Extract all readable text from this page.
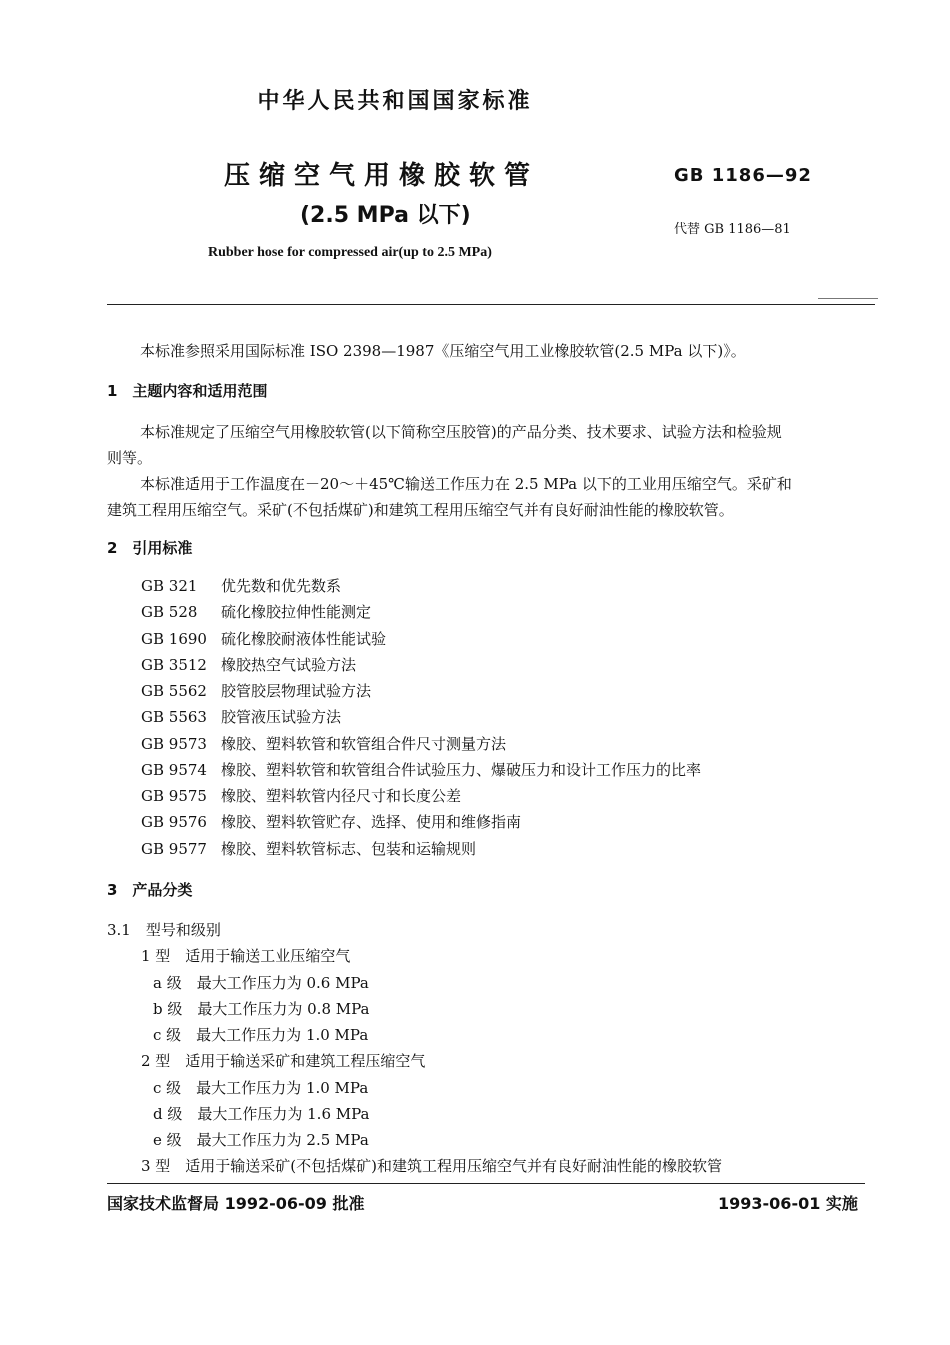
中华人民共和国国家标准
压缩空气用橡胶软管
(2.5 MPa 以下)
GB 1186—92
代替 GB 1186—81
Rubber hose for compressed air(up to 2.5 MPa)
本标准参照采用国际标准 ISO 2398—1987《压缩空气用工业橡胶软管(2.5 MPa 以下)》。
1　主题内容和适用范围
本标准规定了压缩空气用橡胶软管(以下简称空压胶管)的产品分类、技术要求、试验方法和检验规
则等。
本标准适用于工作温度在－20～＋45℃输送工作压力在 2.5 MPa 以下的工业用压缩空气。采矿和
建筑工程用压缩空气。采矿(不包括煤矿)和建筑工程用压缩空气并有良好耐油性能的橡胶软管。
2　引用标准
GB 321 优先数和优先数系
GB 528 硫化橡胶拉伸性能测定
GB 1690 硫化橡胶耐液体性能试验
GB 3512 橡胶热空气试验方法
GB 5562 胶管胶层物理试验方法
GB 5563 胶管液压试验方法
GB 9573 橡胶、塑料软管和软管组合件尺寸测量方法
GB 9574 橡胶、塑料软管和软管组合件试验压力、爆破压力和设计工作压力的比率
GB 9575 橡胶、塑料软管内径尺寸和长度公差
GB 9576 橡胶、塑料软管贮存、选择、使用和维修指南
GB 9577 橡胶、塑料软管标志、包装和运输规则
3　产品分类
3.1　型号和级别
1 型　适用于输送工业压缩空气
a 级　最大工作压力为 0.6 MPa
b 级　最大工作压力为 0.8 MPa
c 级　最大工作压力为 1.0 MPa
2 型　适用于输送采矿和建筑工程压缩空气
c 级　最大工作压力为 1.0 MPa
d 级　最大工作压力为 1.6 MPa
e 级　最大工作压力为 2.5 MPa
3 型　适用于输送采矿(不包括煤矿)和建筑工程用压缩空气并有良好耐油性能的橡胶软管
国家技术监督局 1992-06-09 批准	1993-06-01 实施
